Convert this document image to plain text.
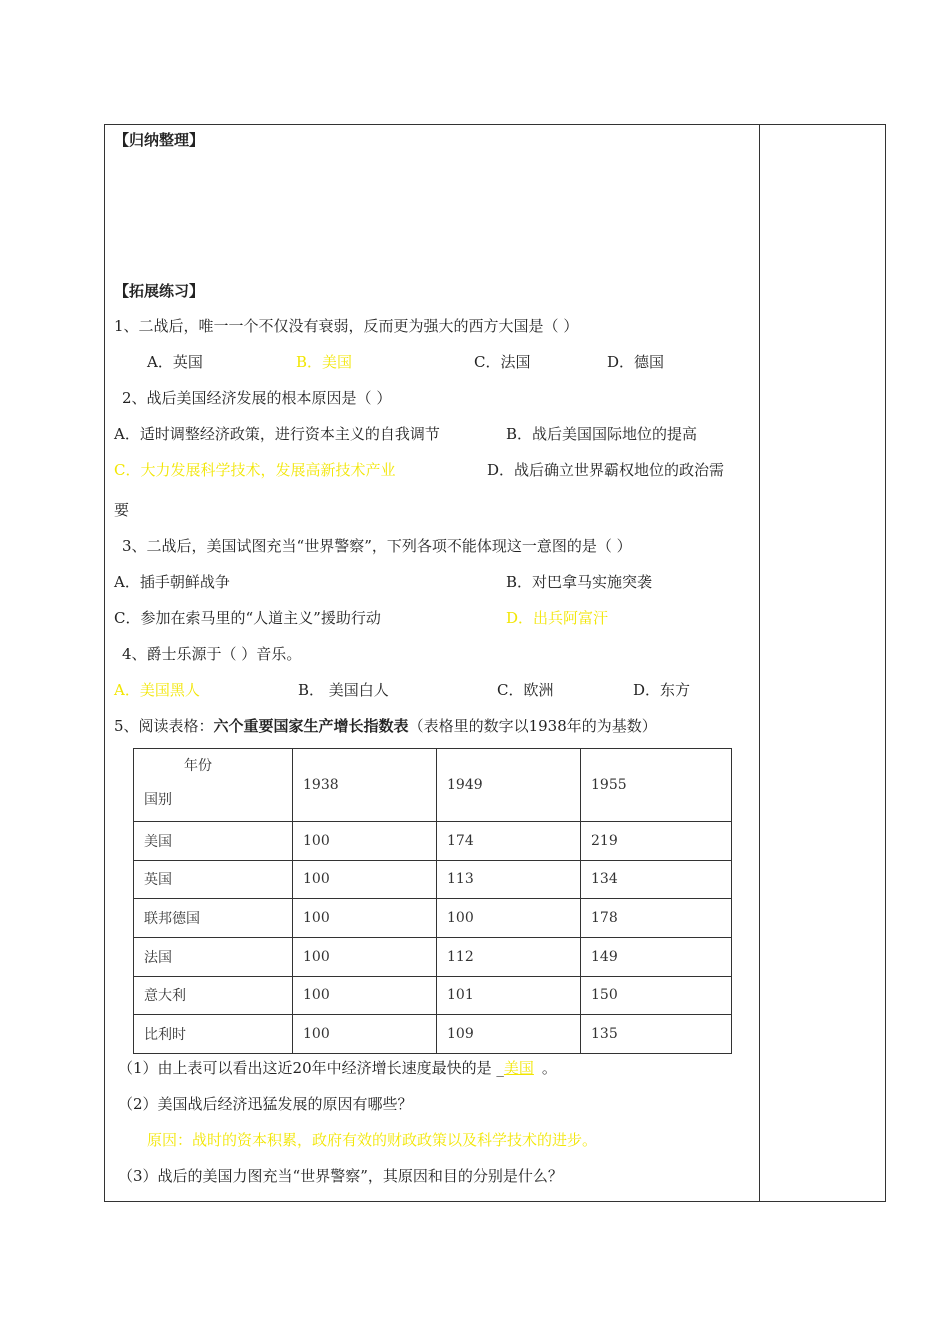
【归纳整理】
【拓展练习】
1、二战后，唯一一个不仅没有衰弱，反而更为强大的西方大国是（ ）
A．英国	B．美国	C．法国	D．德国
2、战后美国经济发展的根本原因是（ ）
A．适时调整经济政策，进行资本主义的自我调节	B．战后美国国际地位的提高
C．大力发展科学技术，发展高新技术产业	D．战后确立世界霸权地位的政治需
要
3、二战后，美国试图充当“世界警察”，下列各项不能体现这一意图的是（ ）
A．插手朝鲜战争	B．对巴拿马实施突袭
C．参加在索马里的“人道主义”援助行动	D．出兵阿富汗
4、爵士乐源于（ ）音乐。
A．美国黑人	B． 美国白人	C．欧洲	D．东方
5、阅读表格：六个重要国家生产增长指数表（表格里的数字以1938年的为基数）
年份
国别	1938	1949	1955
美国	100	174	219
英国	100	113	134
联邦德国	100	100	178
法国	100	112	149
意大利	100	101	150
比利时	100	109	135
（1）由上表可以看出这近20年中经济增长速度最快的是 _美国 。
（2）美国战后经济迅猛发展的原因有哪些？
原因：战时的资本积累，政府有效的财政政策以及科学技术的进步。
（3）战后的美国力图充当“世界警察”，其原因和目的分别是什么？
